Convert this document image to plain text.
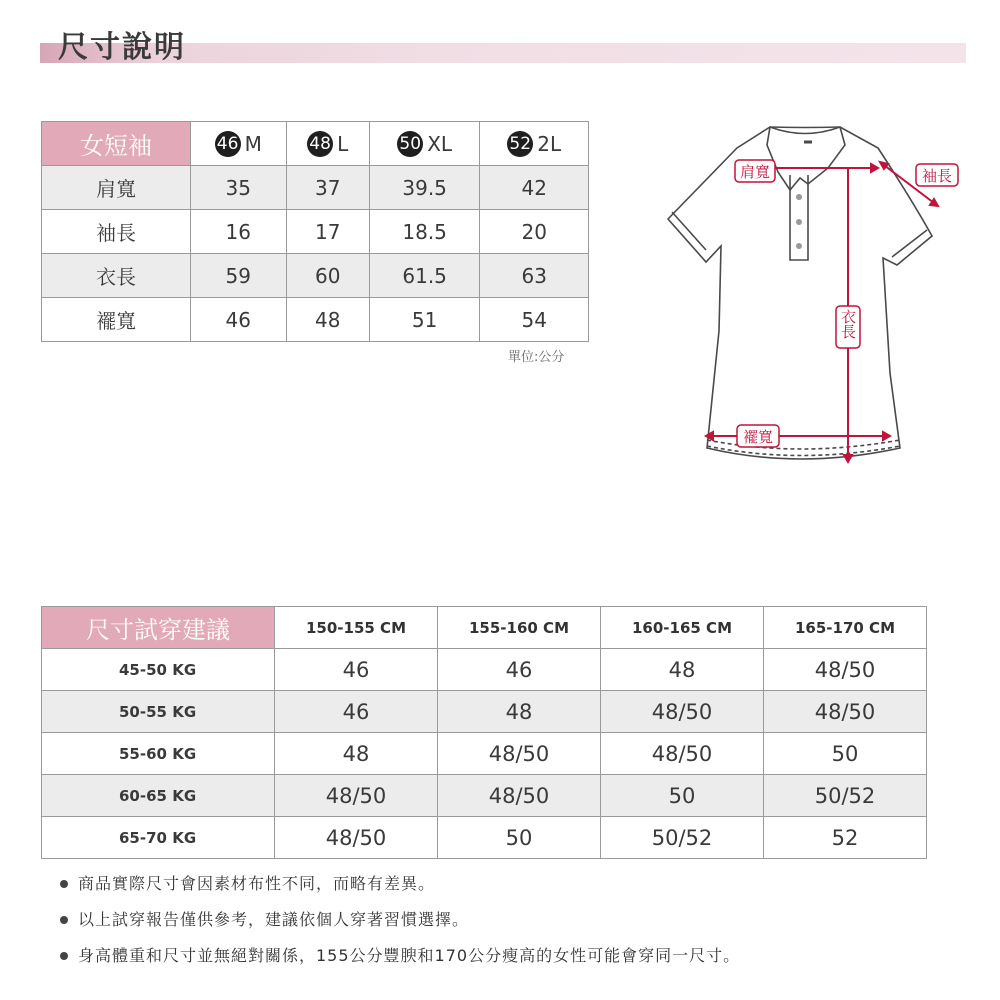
尺寸說明
女短袖	46 M	48 L	50 XL	52 2L
肩寬	35	37	39.5	42
袖長	16	17	18.5	20
衣長	59	60	61.5	63
襬寬	46	48	51	54
單位:公分
肩寬	袖長
衣長
襬寬
尺寸試穿建議	150-155 CM	155-160 CM	160-165 CM	165-170 CM
45-50 KG	46	46	48	48/50
50-55 KG	46	48	48/50	48/50
55-60 KG	48	48/50	48/50	50
60-65 KG	48/50	48/50	50	50/52
65-70 KG	48/50	50	50/52	52
商品實際尺寸會因素材布性不同，而略有差異。
以上試穿報告僅供參考，建議依個人穿著習慣選擇。
身高體重和尺寸並無絕對關係，155公分豐腴和170公分瘦高的女性可能會穿同一尺寸。
